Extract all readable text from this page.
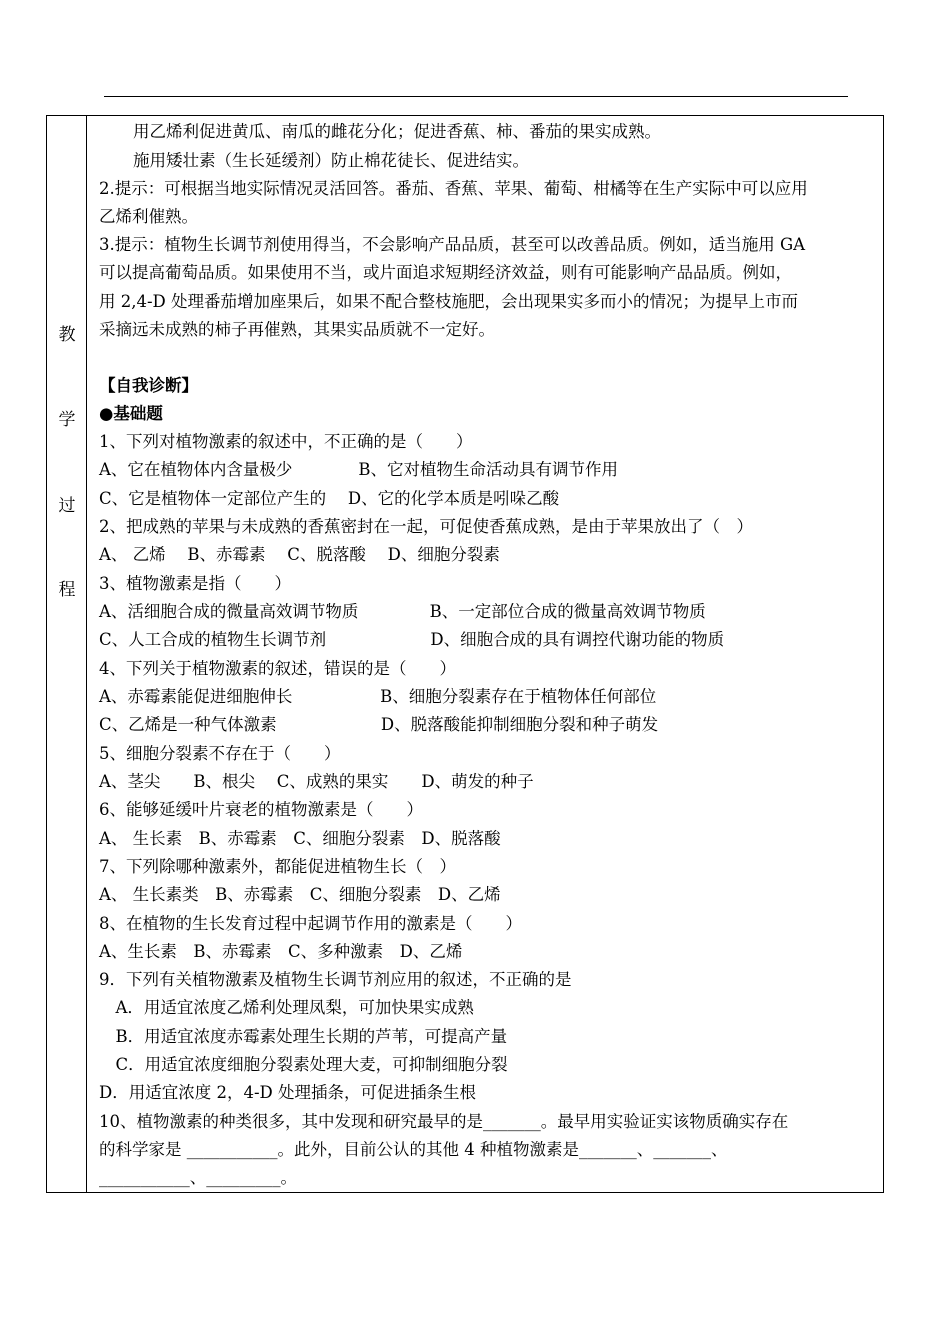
教
学
过
程
用乙烯利促进黄瓜、南瓜的雌花分化；促进香蕉、柿、番茄的果实成熟。
施用矮壮素（生长延缓剂）防止棉花徒长、促进结实。
2.提示：可根据当地实际情况灵活回答。番茄、香蕉、苹果、葡萄、柑橘等在生产实际中可以应用
乙烯利催熟。
3.提示：植物生长调节剂使用得当，不会影响产品品质，甚至可以改善品质。例如，适当施用 GA
可以提高葡萄品质。如果使用不当，或片面追求短期经济效益，则有可能影响产品品质。例如，
用 2,4-D 处理番茄增加座果后，如果不配合整枝施肥，会出现果实多而小的情况；为提早上市而
采摘远未成熟的柿子再催熟，其果实品质就不一定好。
【自我诊断】
●基础题
1、下列对植物激素的叙述中，不正确的是（　　）
A、它在植物体内含量极少　　　　B、它对植物生命活动具有调节作用
C、它是植物体一定部位产生的　 D、它的化学本质是吲哚乙酸
2、把成熟的苹果与未成熟的香蕉密封在一起，可促使香蕉成熟，是由于苹果放出了（　）
A、 乙烯　 B、赤霉素　 C、脱落酸　 D、细胞分裂素
3、植物激素是指（　　）
A、活细胞合成的微量高效调节物质　　　　 B、一定部位合成的微量高效调节物质
C、人工合成的植物生长调节剂　　　　　　 D、细胞合成的具有调控代谢功能的物质
4、下列关于植物激素的叙述，错误的是（　　）
A、赤霉素能促进细胞伸长　　　　　 B、细胞分裂素存在于植物体任何部位
C、乙烯是一种气体激素　　　　　　 D、脱落酸能抑制细胞分裂和种子萌发
5、细胞分裂素不存在于（　　）
A、茎尖　　B、根尖　 C、成熟的果实　　D、萌发的种子
6、能够延缓叶片衰老的植物激素是（　　）
A、 生长素　B、赤霉素　C、细胞分裂素　D、脱落酸
7、下列除哪种激素外，都能促进植物生长（　）
A、 生长素类　B、赤霉素　C、细胞分裂素　D、乙烯
8、在植物的生长发育过程中起调节作用的激素是（　　）
A、生长素　B、赤霉素　C、多种激素　D、乙烯
9．下列有关植物激素及植物生长调节剂应用的叙述，不正确的是
　A．用适宜浓度乙烯利处理凤梨，可加快果实成熟
　B．用适宜浓度赤霉素处理生长期的芦苇，可提高产量
　C．用适宜浓度细胞分裂素处理大麦，可抑制细胞分裂
D．用适宜浓度 2，4-D 处理插条，可促进插条生根
10、植物激素的种类很多，其中发现和研究最早的是_______。最早用实验证实该物质确实存在
的科学家是 ___________。此外，目前公认的其他 4 种植物激素是_______、_______、
___________、_________。
